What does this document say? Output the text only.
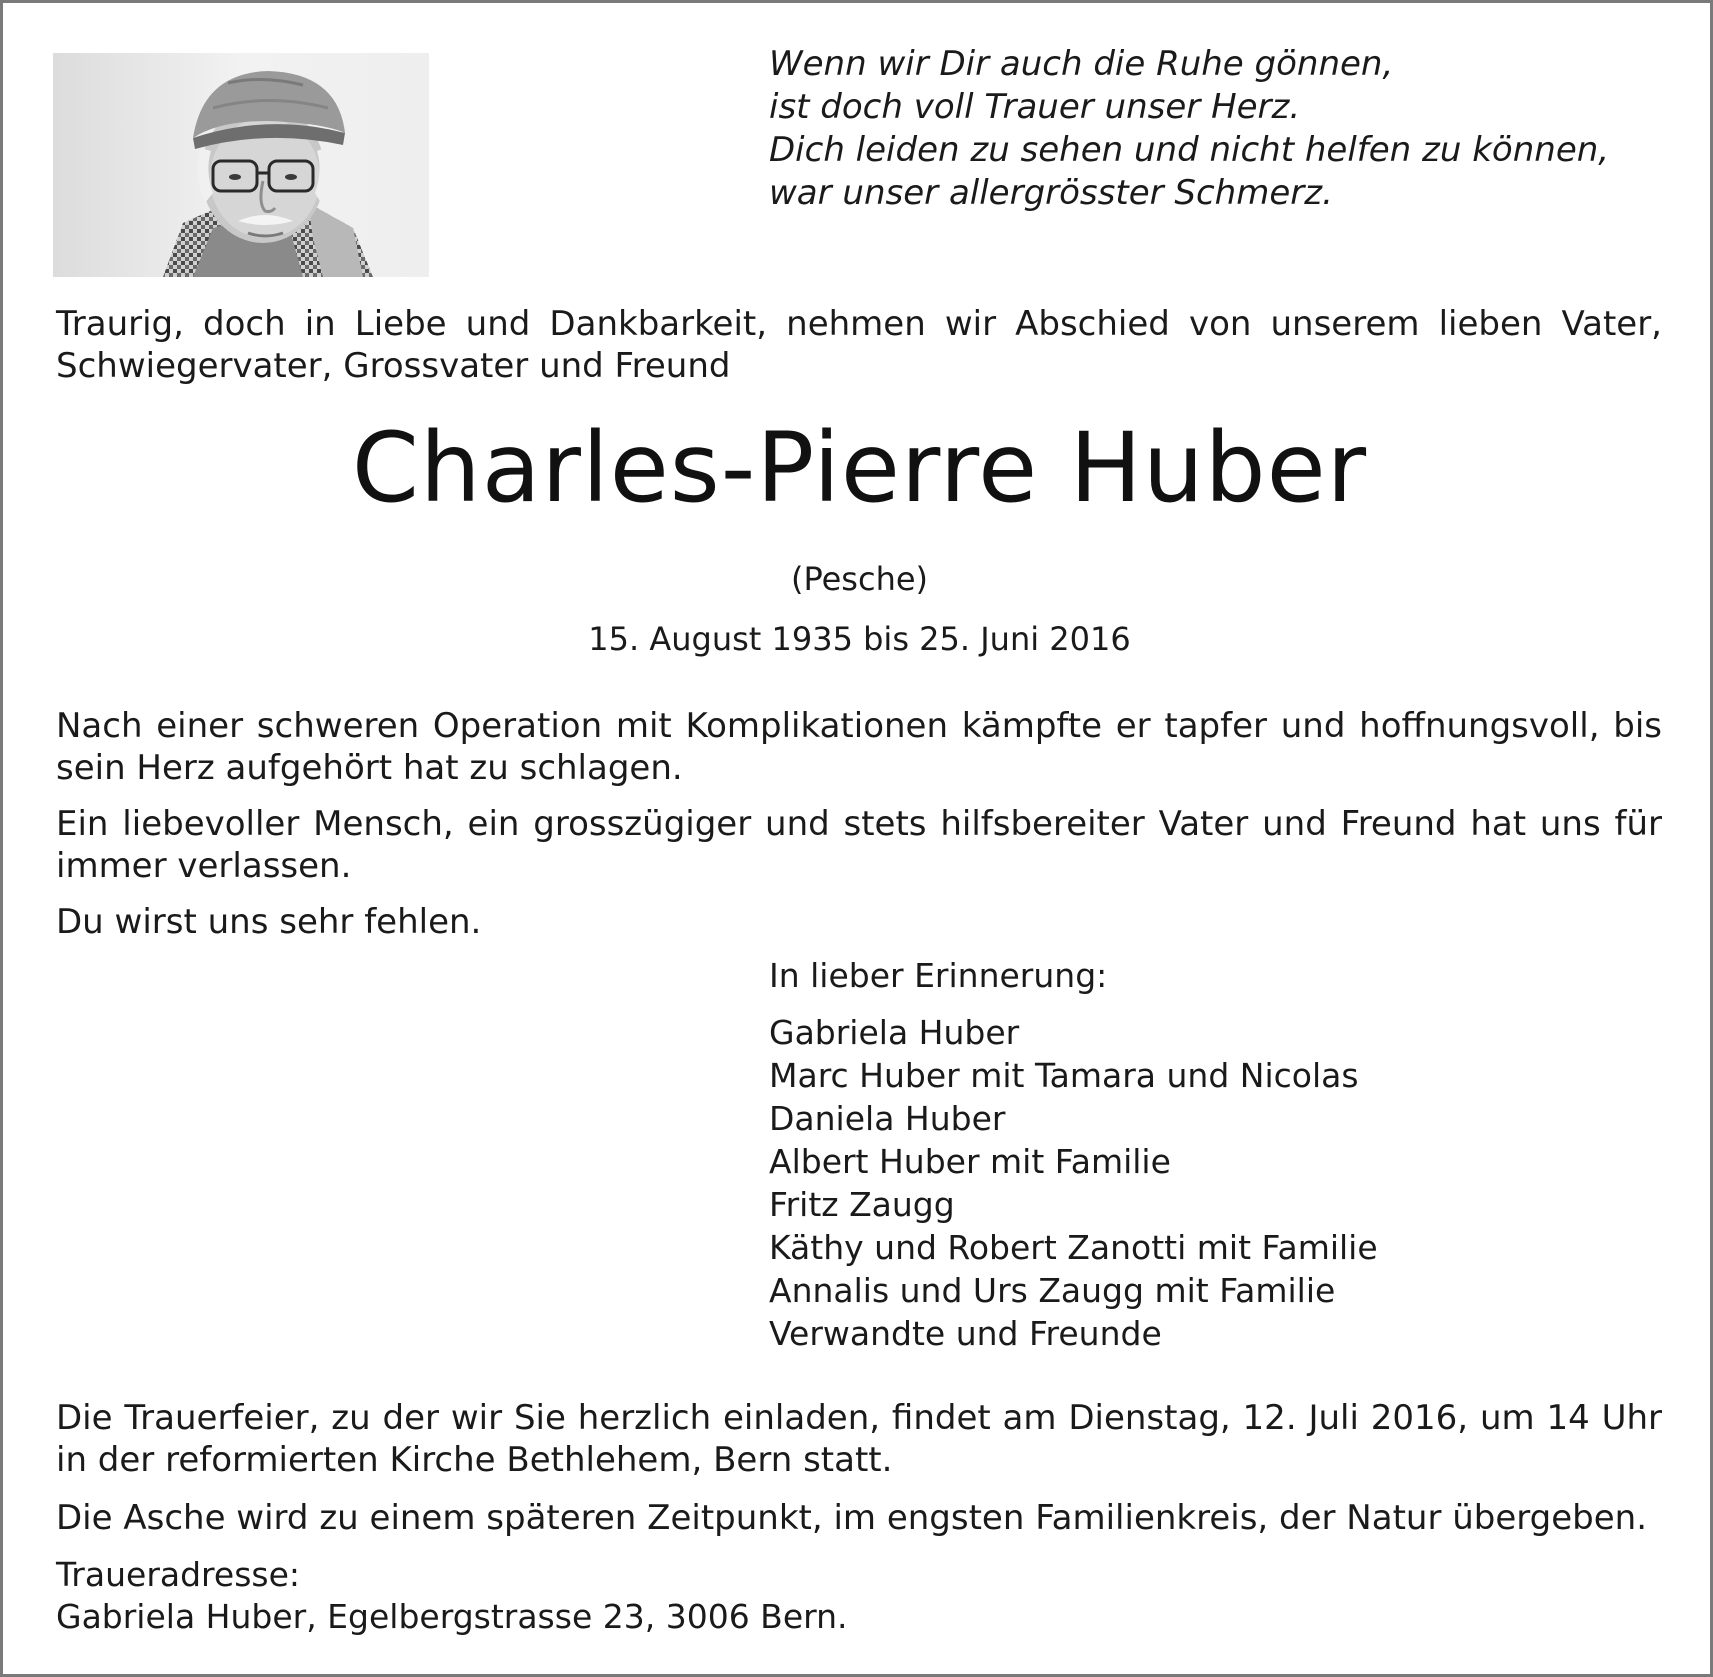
Wenn wir Dir auch die Ruhe gönnen,
ist doch voll Trauer unser Herz.
Dich leiden zu sehen und nicht helfen zu können,
war unser allergrösster Schmerz.
Traurig, doch in Liebe und Dankbarkeit, nehmen wir Abschied von unserem lieben Vater, Schwiegervater, Grossvater und Freund
Charles-Pierre Huber
(Pesche)
15. August 1935 bis 25. Juni 2016
Nach einer schweren Operation mit Komplikationen kämpfte er tapfer und hoffnungsvoll, bis sein Herz aufgehört hat zu schlagen.
Ein liebevoller Mensch, ein grosszügiger und stets hilfsbereiter Vater und Freund hat uns für immer verlassen.
Du wirst uns sehr fehlen.
In lieber Erinnerung:
Gabriela Huber
Marc Huber mit Tamara und Nicolas
Daniela Huber
Albert Huber mit Familie
Fritz Zaugg
Käthy und Robert Zanotti mit Familie
Annalis und Urs Zaugg mit Familie
Verwandte und Freunde
Die Trauerfeier, zu der wir Sie herzlich einladen, findet am Dienstag, 12. Juli 2016, um 14 Uhr in der reformierten Kirche Bethlehem, Bern statt.
Die Asche wird zu einem späteren Zeitpunkt, im engsten Familienkreis, der Natur übergeben.
Traueradresse:
Gabriela Huber, Egelbergstrasse 23, 3006 Bern.
